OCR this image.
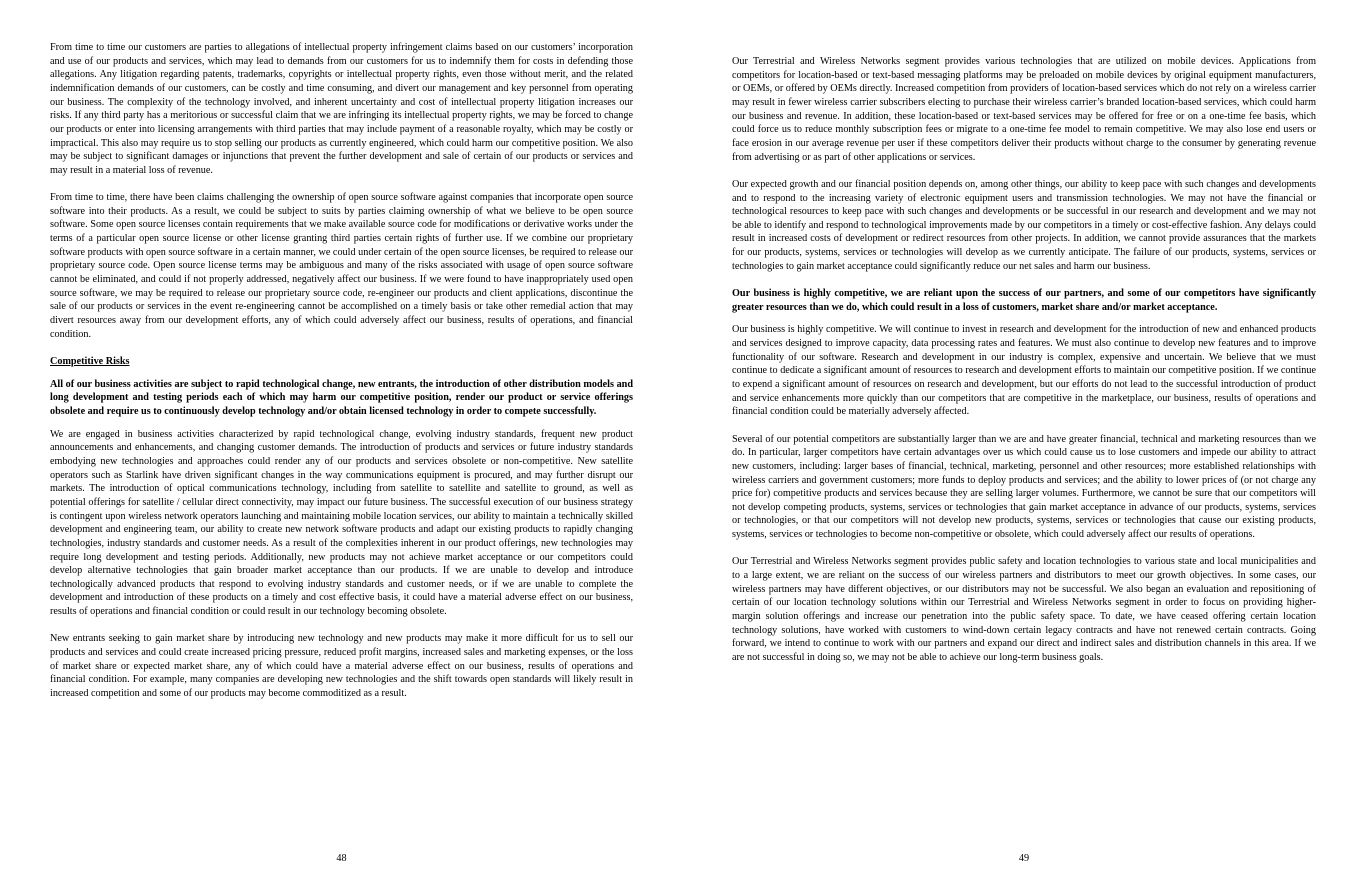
From time to time our customers are parties to allegations of intellectual property infringement claims based on our customers’ incorporation and use of our products and services, which may lead to demands from our customers for us to indemnify them for costs in defending those allegations. Any litigation regarding patents, trademarks, copyrights or intellectual property rights, even those without merit, and the related indemnification demands of our customers, can be costly and time consuming, and divert our management and key personnel from operating our business. The complexity of the technology involved, and inherent uncertainty and cost of intellectual property litigation increases our risks. If any third party has a meritorious or successful claim that we are infringing its intellectual property rights, we may be forced to change our products or enter into licensing arrangements with third parties that may include payment of a reasonable royalty, which may be costly or impractical. This also may require us to stop selling our products as currently engineered, which could harm our competitive position. We also may be subject to significant damages or injunctions that prevent the further development and sale of certain of our products or services and may result in a material loss of revenue.

From time to time, there have been claims challenging the ownership of open source software against companies that incorporate open source software into their products. As a result, we could be subject to suits by parties claiming ownership of what we believe to be open source software. Some open source licenses contain requirements that we make available source code for modifications or derivative works under the terms of a particular open source license or other license granting third parties certain rights of further use. If we combine our proprietary software products with open source software in a certain manner, we could under certain of the open source licenses, be required to release our proprietary source code. Open source license terms may be ambiguous and many of the risks associated with usage of open source software cannot be eliminated, and could if not properly addressed, negatively affect our business. If we were found to have inappropriately used open source software, we may be required to release our proprietary source code, re-engineer our products and client applications, discontinue the sale of our products or services in the event re-engineering cannot be accomplished on a timely basis or take other remedial action that may divert resources away from our development efforts, any of which could adversely affect our business, results of operations, and financial condition.

Competitive Risks

All of our business activities are subject to rapid technological change, new entrants, the introduction of other distribution models and long development and testing periods each of which may harm our competitive position, render our product or service offerings obsolete and require us to continuously develop technology and/or obtain licensed technology in order to compete successfully.

We are engaged in business activities characterized by rapid technological change, evolving industry standards, frequent new product announcements and enhancements, and changing customer demands. The introduction of products and services or future industry standards embodying new technologies and approaches could render any of our products and services obsolete or non-competitive. New satellite operators such as Starlink have driven significant changes in the way communications equipment is procured, and may further disrupt our markets. The introduction of optical communications technology, including from satellite to satellite and satellite to ground, as well as potential offerings for satellite / cellular direct connectivity, may impact our future business. The successful execution of our business strategy is contingent upon wireless network operators launching and maintaining mobile location services, our ability to maintain a technically skilled development and engineering team, our ability to create new network software products and adapt our existing products to rapidly changing technologies, industry standards and customer needs. As a result of the complexities inherent in our product offerings, new technologies may require long development and testing periods. Additionally, new products may not achieve market acceptance or our competitors could develop alternative technologies that gain broader market acceptance than our products. If we are unable to develop and introduce technologically advanced products that respond to evolving industry standards and customer needs, or if we are unable to complete the development and introduction of these products on a timely and cost effective basis, it could have a material adverse effect on our business, results of operations and financial condition or could result in our technology becoming obsolete.

New entrants seeking to gain market share by introducing new technology and new products may make it more difficult for us to sell our products and services and could create increased pricing pressure, reduced profit margins, increased sales and marketing expenses, or the loss of market share or expected market share, any of which could have a material adverse effect on our business, results of operations and financial condition. For example, many companies are developing new technologies and the shift towards open standards will likely result in increased competition and some of our products may become commoditized as a result.

48

Our Terrestrial and Wireless Networks segment provides various technologies that are utilized on mobile devices. Applications from competitors for location-based or text-based messaging platforms may be preloaded on mobile devices by original equipment manufacturers, or OEMs, or offered by OEMs directly. Increased competition from providers of location-based services which do not rely on a wireless carrier may result in fewer wireless carrier subscribers electing to purchase their wireless carrier’s branded location-based services, which could harm our business and revenue. In addition, these location-based or text-based services may be offered for free or on a one-time fee basis, which could force us to reduce monthly subscription fees or migrate to a one-time fee model to remain competitive. We may also lose end users or face erosion in our average revenue per user if these competitors deliver their products without charge to the consumer by generating revenue from advertising or as part of other applications or services.

Our expected growth and our financial position depends on, among other things, our ability to keep pace with such changes and developments and to respond to the increasing variety of electronic equipment users and transmission technologies. We may not have the financial or technological resources to keep pace with such changes and developments or be successful in our research and development and we may not be able to identify and respond to technological improvements made by our competitors in a timely or cost-effective fashion. Any delays could result in increased costs of development or redirect resources from other projects. In addition, we cannot provide assurances that the markets for our products, systems, services or technologies will develop as we currently anticipate. The failure of our products, systems, services or technologies to gain market acceptance could significantly reduce our net sales and harm our business.

Our business is highly competitive, we are reliant upon the success of our partners, and some of our competitors have significantly greater resources than we do, which could result in a loss of customers, market share and/or market acceptance.

Our business is highly competitive. We will continue to invest in research and development for the introduction of new and enhanced products and services designed to improve capacity, data processing rates and features. We must also continue to develop new features and to improve functionality of our software. Research and development in our industry is complex, expensive and uncertain. We believe that we must continue to dedicate a significant amount of resources to research and development efforts to maintain our competitive position. If we continue to expend a significant amount of resources on research and development, but our efforts do not lead to the successful introduction of product and service enhancements more quickly than our competitors that are competitive in the marketplace, our business, results of operations and financial condition could be materially adversely affected.

Several of our potential competitors are substantially larger than we are and have greater financial, technical and marketing resources than we do. In particular, larger competitors have certain advantages over us which could cause us to lose customers and impede our ability to attract new customers, including: larger bases of financial, technical, marketing, personnel and other resources; more established relationships with wireless carriers and government customers; more funds to deploy products and services; and the ability to lower prices of (or not charge any price for) competitive products and services because they are selling larger volumes. Furthermore, we cannot be sure that our competitors will not develop competing products, systems, services or technologies that gain market acceptance in advance of our products, systems, services or technologies, or that our competitors will not develop new products, systems, services or technologies that cause our existing products, systems, services or technologies to become non-competitive or obsolete, which could adversely affect our results of operations.

Our Terrestrial and Wireless Networks segment provides public safety and location technologies to various state and local municipalities and to a large extent, we are reliant on the success of our wireless partners and distributors to meet our growth objectives. In some cases, our wireless partners may have different objectives, or our distributors may not be successful. We also began an evaluation and repositioning of certain of our location technology solutions within our Terrestrial and Wireless Networks segment in order to focus on providing higher-margin solution offerings and increase our penetration into the public safety space. To date, we have ceased offering certain location technology solutions, have worked with customers to wind-down certain legacy contracts and have not renewed certain contracts. Going forward, we intend to continue to work with our partners and expand our direct and indirect sales and distribution channels in this area. If we are not successful in doing so, we may not be able to achieve our long-term business goals.

49
